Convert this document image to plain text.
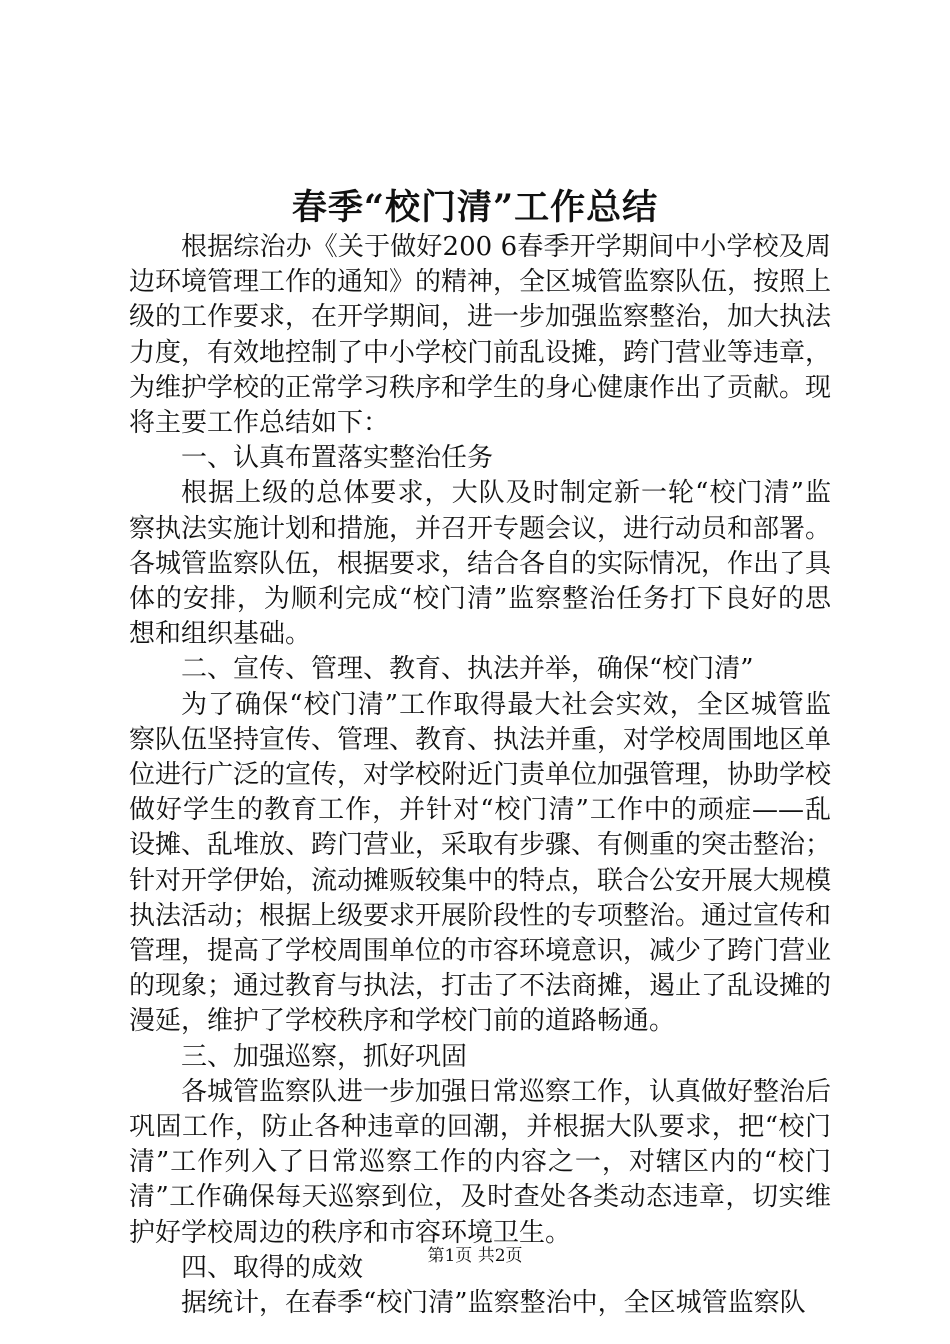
春季“校门清”工作总结

根据综治办《关于做好200 6春季开学期间中小学校及周边环境管理工作的通知》的精神，全区城管监察队伍，按照上级的工作要求，在开学期间，进一步加强监察整治，加大执法力度，有效地控制了中小学校门前乱设摊，跨门营业等违章，为维护学校的正常学习秩序和学生的身心健康作出了贡献。现将主要工作总结如下：

一、认真布置落实整治任务

根据上级的总体要求，大队及时制定新一轮“校门清”监察执法实施计划和措施，并召开专题会议，进行动员和部署。各城管监察队伍，根据要求，结合各自的实际情况，作出了具体的安排，为顺利完成“校门清”监察整治任务打下良好的思想和组织基础。

二、宣传、管理、教育、执法并举，确保“校门清”

为了确保“校门清”工作取得最大社会实效，全区城管监察队伍坚持宣传、管理、教育、执法并重，对学校周围地区单位进行广泛的宣传，对学校附近门责单位加强管理，协助学校做好学生的教育工作，并针对“校门清”工作中的顽症——乱设摊、乱堆放、跨门营业，采取有步骤、有侧重的突击整治；针对开学伊始，流动摊贩较集中的特点，联合公安开展大规模执法活动；根据上级要求开展阶段性的专项整治。通过宣传和管理，提高了学校周围单位的市容环境意识，减少了跨门营业的现象；通过教育与执法，打击了不法商摊，遏止了乱设摊的漫延，维护了学校秩序和学校门前的道路畅通。

三、加强巡察，抓好巩固

各城管监察队进一步加强日常巡察工作，认真做好整治后巩固工作，防止各种违章的回潮，并根据大队要求，把“校门清”工作列入了日常巡察工作的内容之一，对辖区内的“校门清”工作确保每天巡察到位，及时查处各类动态违章，切实维护好学校周边的秩序和市容环境卫生。

四、取得的成效

据统计，在春季“校门清”监察整治中，全区城管监察队

第1页 共2页
